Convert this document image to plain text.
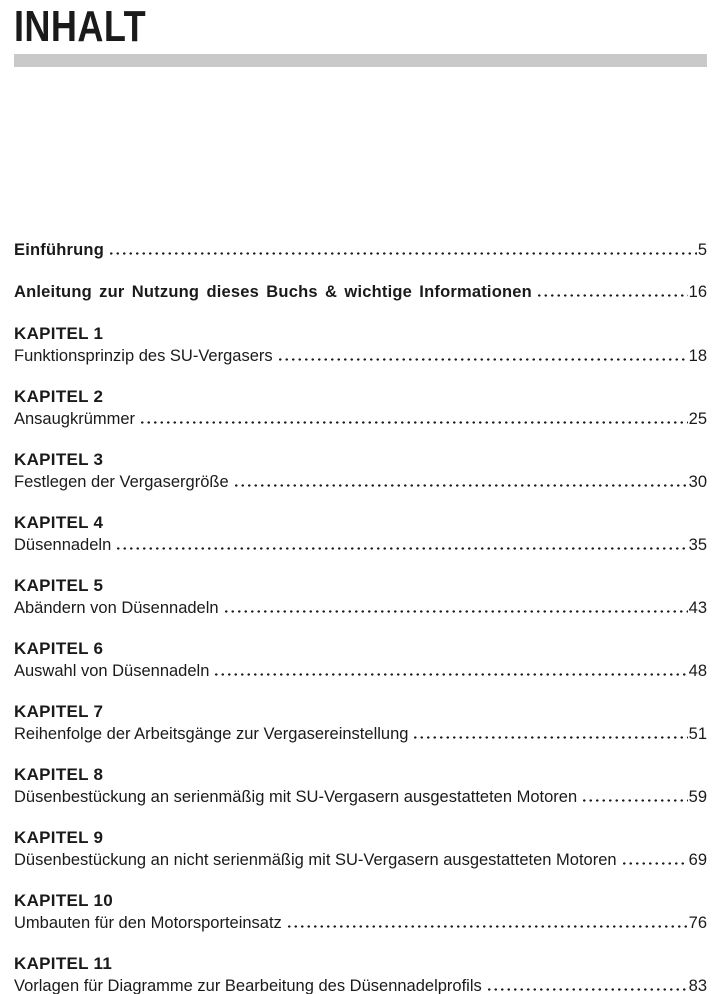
INHALT
Einführung	5
Anleitung zur Nutzung dieses Buchs & wichtige Informationen	16
KAPITEL 1
Funktionsprinzip des SU-Vergasers	18
KAPITEL 2
Ansaugkrümmer	25
KAPITEL 3
Festlegen der Vergasergröße	30
KAPITEL 4
Düsennadeln	35
KAPITEL 5
Abändern von Düsennadeln	43
KAPITEL 6
Auswahl von Düsennadeln	48
KAPITEL 7
Reihenfolge der Arbeitsgänge zur Vergasereinstellung	51
KAPITEL 8
Düsenbestückung an serienmäßig mit SU-Vergasern ausgestatteten Motoren	59
KAPITEL 9
Düsenbestückung an nicht serienmäßig mit SU-Vergasern ausgestatteten Motoren	69
KAPITEL 10
Umbauten für den Motorsporteinsatz	76
KAPITEL 11
Vorlagen für Diagramme zur Bearbeitung des Düsennadelprofils	83
